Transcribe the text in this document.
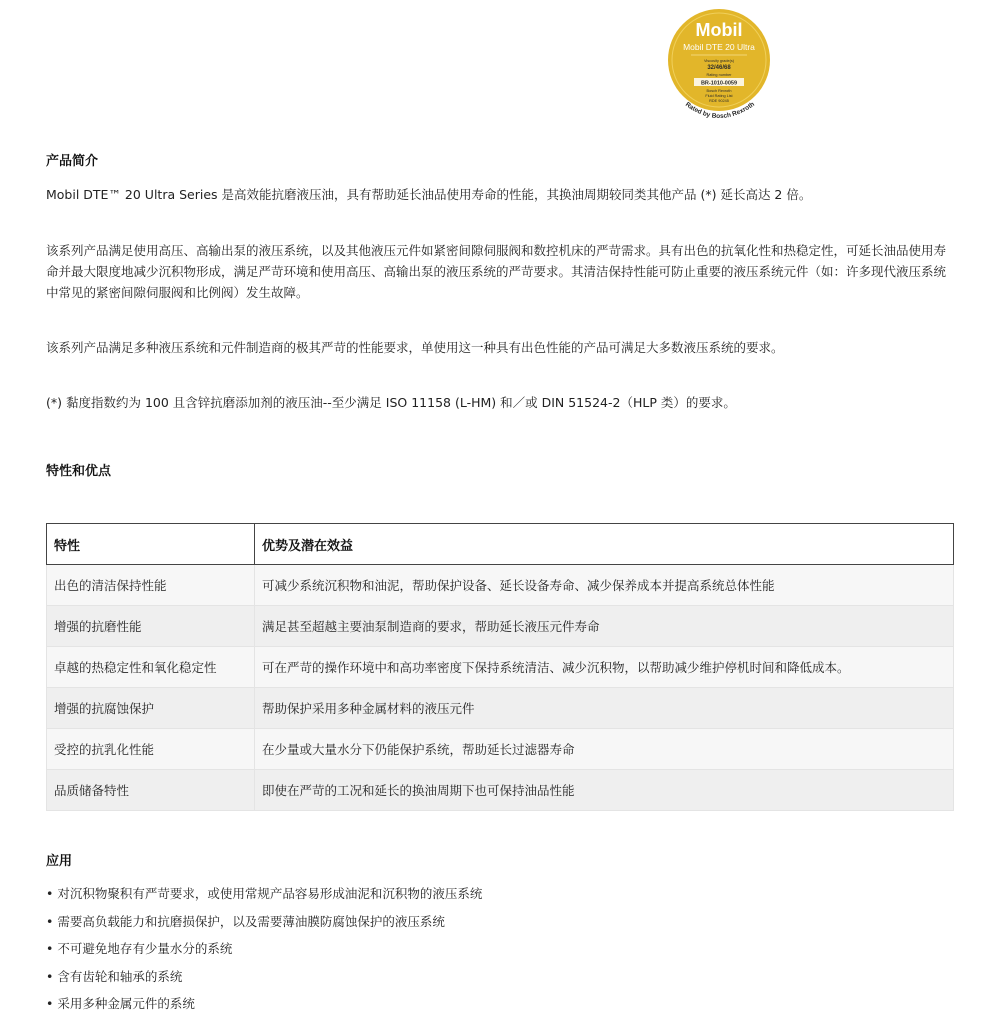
Mobil
Mobil DTE 20 Ultra
Viscosity grade(s)
32/46/68
Rating number
BR-1010-0059
Bosch Rexroth
Fluid Rating List
RDE 90245
Rated by Bosch Rexroth
产品简介
Mobil DTE™ 20 Ultra Series 是高效能抗磨液压油，具有帮助延长油品使用寿命的性能，其换油周期较同类其他产品 (*) 延长高达 2 倍。
该系列产品满足使用高压、高输出泵的液压系统，以及其他液压元件如紧密间隙伺服阀和数控机床的严苛需求。具有出色的抗氧化性和热稳定性，可延长油品使用寿命并最大限度地减少沉积物形成，满足严苛环境和使用高压、高输出泵的液压系统的严苛要求。其清洁保持性能可防止重要的液压系统元件（如：许多现代液压系统中常见的紧密间隙伺服阀和比例阀）发生故障。
该系列产品满足多种液压系统和元件制造商的极其严苛的性能要求，单使用这一种具有出色性能的产品可满足大多数液压系统的要求。
(*) 黏度指数约为 100 且含锌抗磨添加剂的液压油--至少满足 ISO 11158 (L-HM) 和／或 DIN 51524-2（HLP 类）的要求。
特性和优点
特性	优势及潜在效益
出色的清洁保持性能	可减少系统沉积物和油泥，帮助保护设备、延长设备寿命、减少保养成本并提高系统总体性能
增强的抗磨性能	满足甚至超越主要油泵制造商的要求，帮助延长液压元件寿命
卓越的热稳定性和氧化稳定性	可在严苛的操作环境中和高功率密度下保持系统清洁、减少沉积物，以帮助减少维护停机时间和降低成本。
增强的抗腐蚀保护	帮助保护采用多种金属材料的液压元件
受控的抗乳化性能	在少量或大量水分下仍能保护系统，帮助延长过滤器寿命
品质储备特性	即使在严苛的工况和延长的换油周期下也可保持油品性能
应用
• 对沉积物聚积有严苛要求，或使用常规产品容易形成油泥和沉积物的液压系统
• 需要高负载能力和抗磨损保护，以及需要薄油膜防腐蚀保护的液压系统
• 不可避免地存有少量水分的系统
• 含有齿轮和轴承的系统
• 采用多种金属元件的系统
